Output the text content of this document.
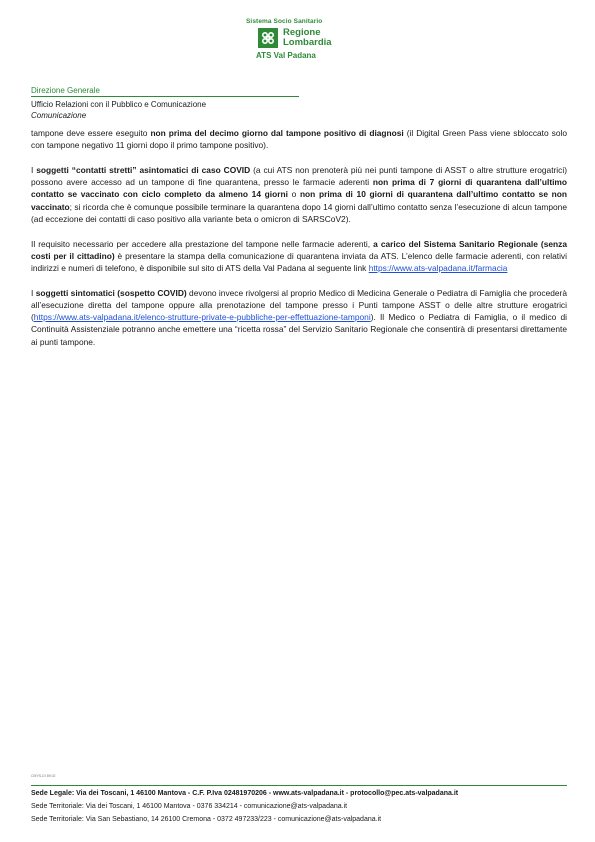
Sistema Socio Sanitario
Regione
Lombardia
ATS Val Padana
Direzione Generale
Ufficio Relazioni con il Pubblico e Comunicazione
Comunicazione

tampone deve essere eseguito non prima del decimo giorno dal tampone positivo di diagnosi (il Digital Green Pass viene sbloccato solo con tampone negativo 11 giorni dopo il primo tampone positivo).

I soggetti “contatti stretti” asintomatici di caso COVID (a cui ATS non prenoterà più nei punti tampone di ASST o altre strutture erogatrici) possono avere accesso ad un tampone di fine quarantena, presso le farmacie aderenti non prima di 7 giorni di quarantena dall’ultimo contatto se vaccinato con ciclo completo da almeno 14 giorni o non prima di 10 giorni di quarantena dall’ultimo contatto se non vaccinato; si ricorda che è comunque possibile terminare la quarantena dopo 14 giorni dall’ultimo contatto senza l’esecuzione di alcun tampone (ad eccezione dei contatti di caso positivo alla variante beta o omicron di SARSCoV2).

Il requisito necessario per accedere alla prestazione del tampone nelle farmacie aderenti, a carico del Sistema Sanitario Regionale (senza costi per il cittadino) è presentare la stampa della comunicazione di quarantena inviata da ATS. L’elenco delle farmacie aderenti, con relativi indirizzi e numeri di telefono, è disponibile sul sito di ATS della Val Padana al seguente link https://www.ats-valpadana.it/farmacia

I soggetti sintomatici (sospetto COVID) devono invece rivolgersi al proprio Medico di Medicina Generale o Pediatra di Famiglia che procederà all’esecuzione diretta del tampone oppure alla prenotazione del tampone presso i Punti tampone ASST o delle altre strutture erogatrici (https://www.ats-valpadana.it/elenco-strutture-private-e-pubbliche-per-effettuazione-tamponi). Il Medico o Pediatra di Famiglia, o il medico di Continuità Assistenziale potranno anche emettere una “ricetta rossa” del Servizio Sanitario Regionale che consentirà di presentarsi direttamente ai punti tampone.

CMYS-DI 89.02
Sede Legale: Via dei Toscani, 1 46100 Mantova - C.F. P.Iva 02481970206 - www.ats-valpadana.it - protocollo@pec.ats-valpadana.it
Sede Territoriale: Via dei Toscani, 1 46100 Mantova - 0376 334214 - comunicazione@ats-valpadana.it
Sede Territoriale: Via San Sebastiano, 14 26100 Cremona - 0372 497233/223 - comunicazione@ats-valpadana.it
